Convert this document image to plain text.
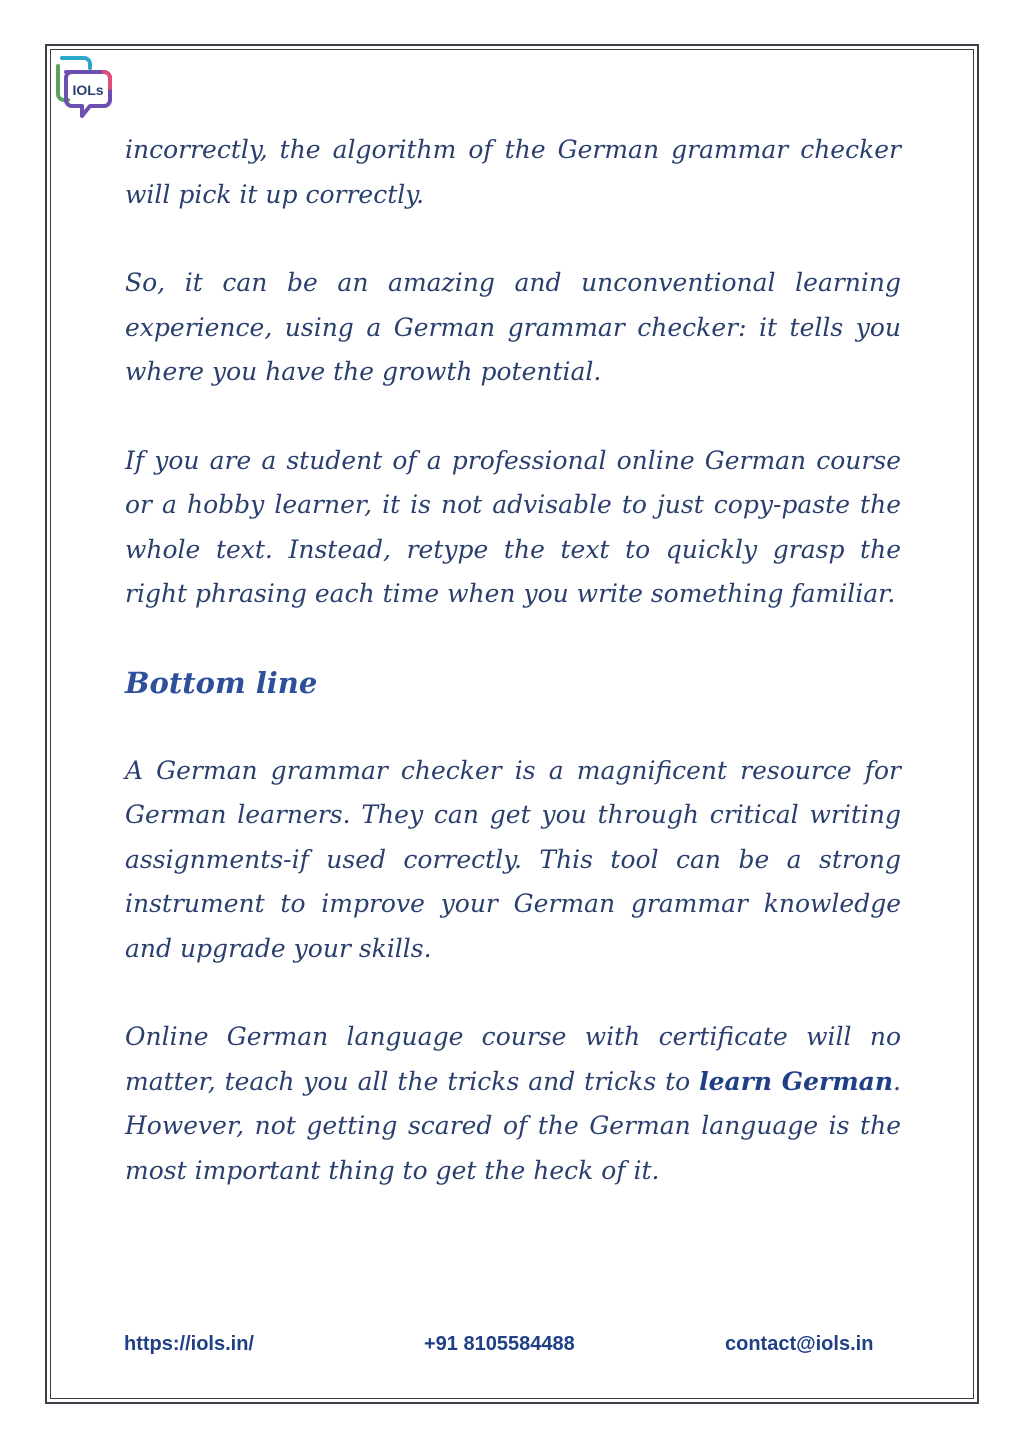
IOLs

incorrectly, the algorithm of the German grammar checker will pick it up correctly.

So, it can be an amazing and unconventional learning experience, using a German grammar checker: it tells you where you have the growth potential.

If you are a student of a professional online German course or a hobby learner, it is not advisable to just copy-paste the whole text. Instead, retype the text to quickly grasp the right phrasing each time when you write something familiar.

Bottom line

A German grammar checker is a magnificent resource for German learners. They can get you through critical writing assignments-if used correctly. This tool can be a strong instrument to improve your German grammar knowledge and upgrade your skills.

Online German language course with certificate will no matter, teach you all the tricks and tricks to learn German. However, not getting scared of the German language is the most important thing to get the heck of it.

https://iols.in/	+91 8105584488	contact@iols.in
